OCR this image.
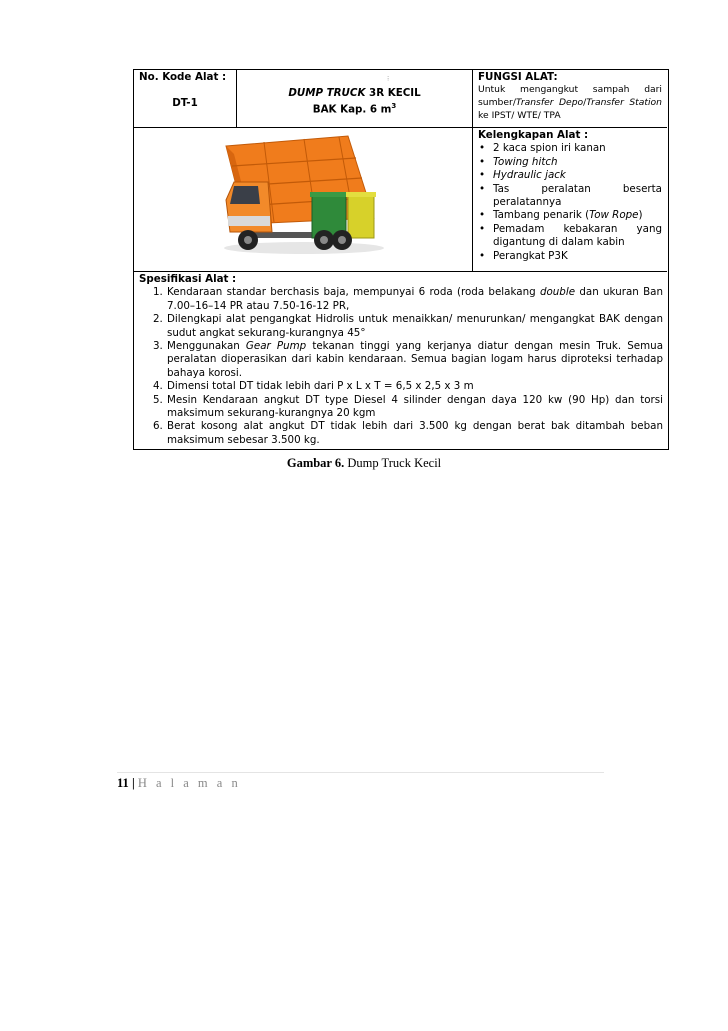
No. Kode Alat :
DT-1
⁝
DUMP TRUCK 3R KECIL
BAK Kap. 6 $m^3$
FUNGSI ALAT:
Untuk mengangkut sampah dari sumber/Transfer Depo/Transfer Station ke IPST/ WTE/ TPA
Kelengkapan Alat :
• 2 kaca spion iri kanan
• Towing hitch
• Hydraulic jack
• Tas peralatan beserta peralatannya
• Tambang penarik (Tow Rope)
• Pemadam kebakaran yang digantung di dalam kabin
• Perangkat P3K
Spesifikasi Alat :
1. Kendaraan standar berchasis baja, mempunyai 6 roda (roda belakang double dan ukuran Ban 7.00–16–14 PR atau 7.50-16-12 PR,
2. Dilengkapi alat pengangkat Hidrolis untuk menaikkan/ menurunkan/ mengangkat BAK dengan sudut angkat sekurang-kurangnya 45°
3. Menggunakan Gear Pump tekanan tinggi yang kerjanya diatur dengan mesin Truk. Semua peralatan dioperasikan dari kabin kendaraan. Semua bagian logam harus diproteksi terhadap bahaya korosi.
4. Dimensi total DT tidak lebih dari P x L x T = 6,5 x 2,5 x 3 m
5. Mesin Kendaraan angkut DT type Diesel 4 silinder dengan daya 120 kw (90 Hp) dan torsi maksimum sekurang-kurangnya 20 kgm
6. Berat kosong alat angkut DT tidak lebih dari 3.500 kg dengan berat bak ditambah beban maksimum sebesar 3.500 kg.
Gambar 6. Dump Truck Kecil
11 | H a l a m a n
